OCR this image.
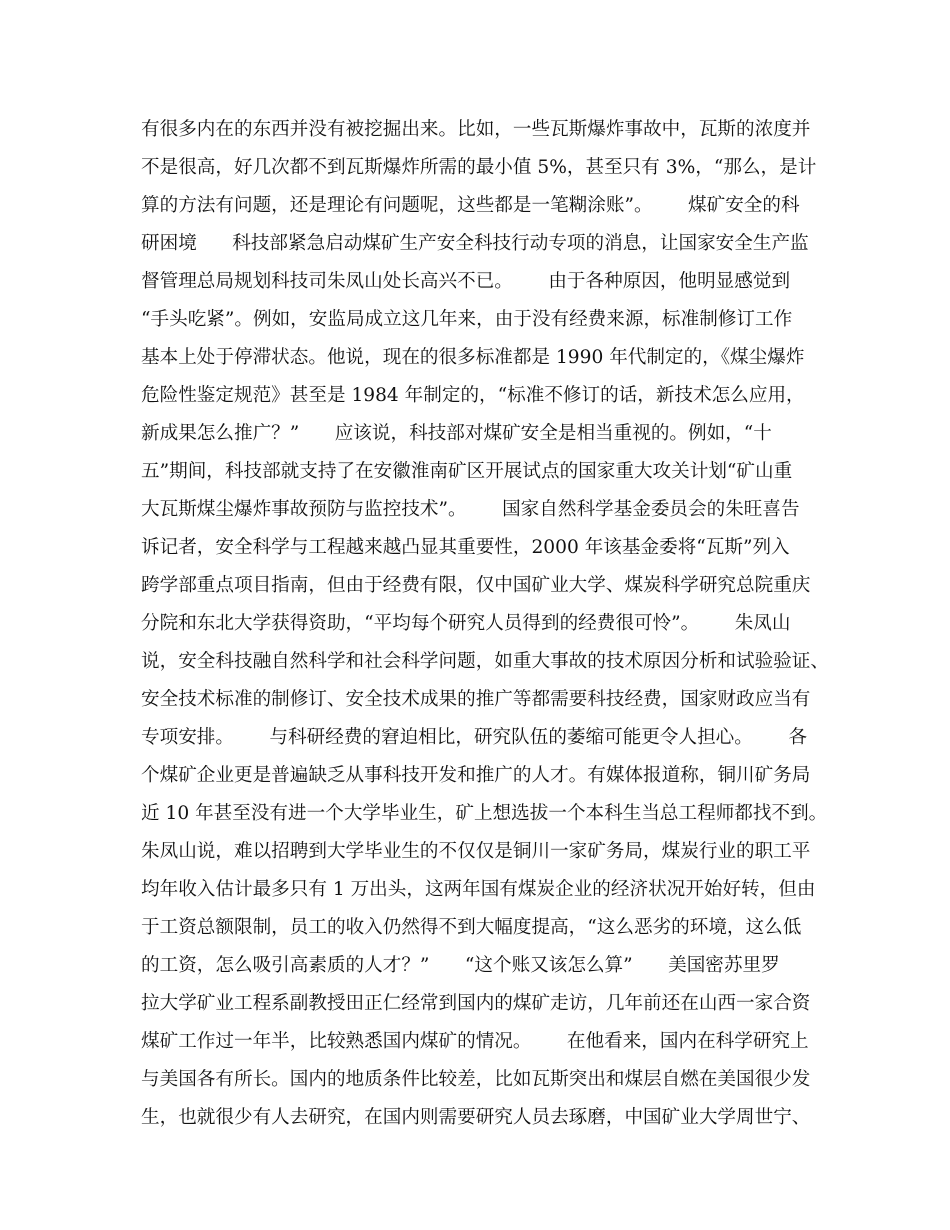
有很多内在的东西并没有被挖掘出来。比如，一些瓦斯爆炸事故中，瓦斯的浓度并
不是很高，好几次都不到瓦斯爆炸所需的最小值 5%，甚至只有 3%，“那么，是计
算的方法有问题，还是理论有问题呢，这些都是一笔糊涂账”。      煤矿安全的科
研困境      科技部紧急启动煤矿生产安全科技行动专项的消息，让国家安全生产监
督管理总局规划科技司朱凤山处长高兴不已。      由于各种原因，他明显感觉到
“手头吃紧”。例如，安监局成立这几年来，由于没有经费来源，标准制修订工作
基本上处于停滞状态。他说，现在的很多标准都是 1990 年代制定的，《煤尘爆炸
危险性鉴定规范》甚至是 1984 年制定的，“标准不修订的话，新技术怎么应用，
新成果怎么推广？”      应该说，科技部对煤矿安全是相当重视的。例如，“十
五”期间，科技部就支持了在安徽淮南矿区开展试点的国家重大攻关计划“矿山重
大瓦斯煤尘爆炸事故预防与监控技术”。      国家自然科学基金委员会的朱旺喜告
诉记者，安全科学与工程越来越凸显其重要性，2000 年该基金委将“瓦斯”列入
跨学部重点项目指南，但由于经费有限，仅中国矿业大学、煤炭科学研究总院重庆
分院和东北大学获得资助，“平均每个研究人员得到的经费很可怜”。      朱凤山
说，安全科技融自然科学和社会科学问题，如重大事故的技术原因分析和试验验证、
安全技术标准的制修订、安全技术成果的推广等都需要科技经费，国家财政应当有
专项安排。      与科研经费的窘迫相比，研究队伍的萎缩可能更令人担心。      各
个煤矿企业更是普遍缺乏从事科技开发和推广的人才。有媒体报道称，铜川矿务局
近 10 年甚至没有进一个大学毕业生，矿上想选拔一个本科生当总工程师都找不到。
朱凤山说，难以招聘到大学毕业生的不仅仅是铜川一家矿务局，煤炭行业的职工平
均年收入估计最多只有 1 万出头，这两年国有煤炭企业的经济状况开始好转，但由
于工资总额限制，员工的收入仍然得不到大幅度提高，“这么恶劣的环境，这么低
的工资，怎么吸引高素质的人才？”      “这个账又该怎么算”      美国密苏里罗
拉大学矿业工程系副教授田正仁经常到国内的煤矿走访，几年前还在山西一家合资
煤矿工作过一年半，比较熟悉国内煤矿的情况。      在他看来，国内在科学研究上
与美国各有所长。国内的地质条件比较差，比如瓦斯突出和煤层自燃在美国很少发
生，也就很少有人去研究，在国内则需要研究人员去琢磨，中国矿业大学周世宁、
